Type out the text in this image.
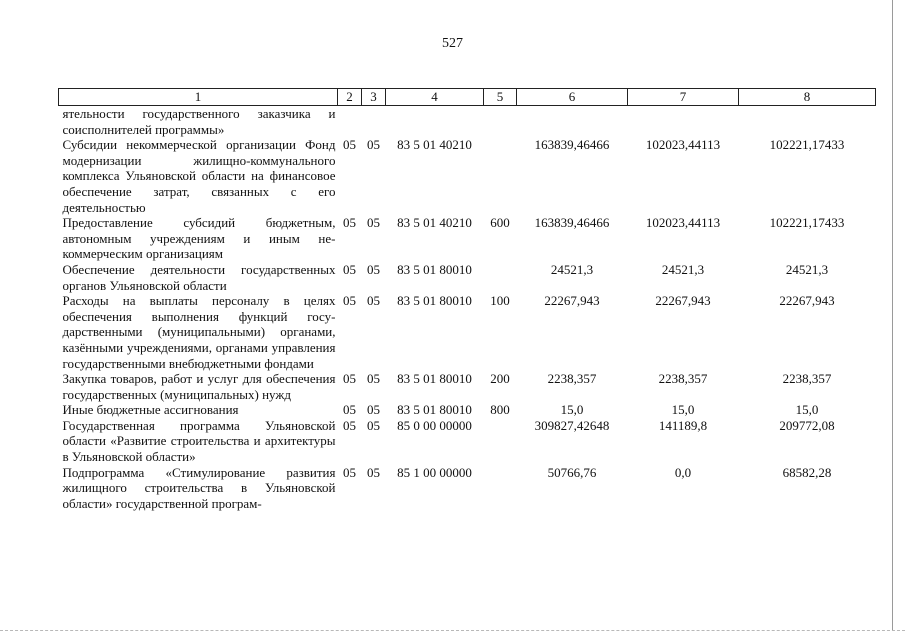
527
1	2	3	4	5	6	7	8
ятельности государственного заказчика и соисполнителей программы»							
Субсидии некоммерческой организации Фонд модернизации жилищно-коммунального комплекса Ульяновской области на финансовое обеспечение затрат, связанных с его деятельностью	05	05	83 5 01 40210		163839,46466	102023,44113	102221,17433
Предоставление субсидий бюджетным, автономным учреждениям и иным некоммерческим организациям	05	05	83 5 01 40210	600	163839,46466	102023,44113	102221,17433
Обеспечение деятельности государственных органов Ульяновской области	05	05	83 5 01 80010		24521,3	24521,3	24521,3
Расходы на выплаты персоналу в целях обеспечения выполнения функций государственными (муниципальными) органами, казёнными учреждениями, органами управления государственными внебюджетными фондами	05	05	83 5 01 80010	100	22267,943	22267,943	22267,943
Закупка товаров, работ и услуг для обеспечения государственных (муниципальных) нужд	05	05	83 5 01 80010	200	2238,357	2238,357	2238,357
Иные бюджетные ассигнования	05	05	83 5 01 80010	800	15,0	15,0	15,0
Государственная программа Ульяновской области «Развитие строительства и архитектуры в Ульяновской области»	05	05	85 0 00 00000		309827,42648	141189,8	209772,08
Подпрограмма «Стимулирование развития жилищного строительства в Ульяновской области» государственной програм-	05	05	85 1 00 00000		50766,76	0,0	68582,28
